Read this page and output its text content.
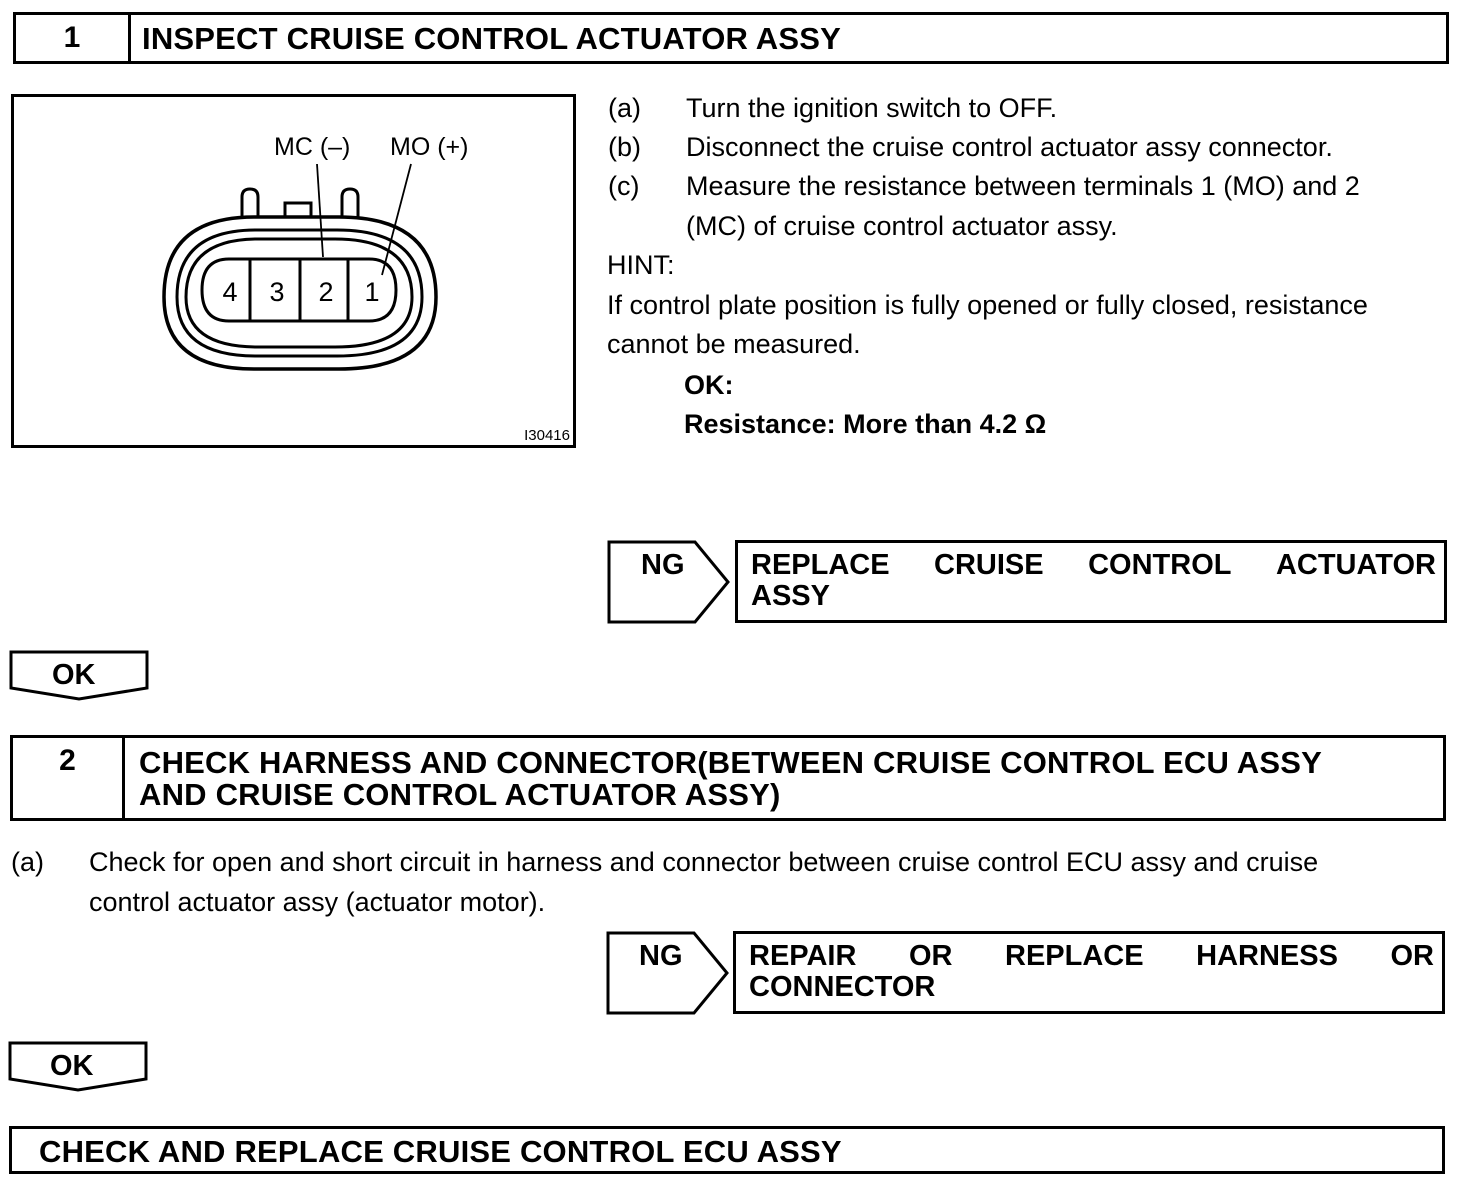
1	INSPECT CRUISE CONTROL ACTUATOR ASSY
MC (–) MO (+)
4 3 2 1
I30416
(a) Turn the ignition switch to OFF.
(b) Disconnect the cruise control actuator assy connector.
(c) Measure the resistance between terminals 1 (MO) and 2
(MC) of cruise control actuator assy.
HINT:
If control plate position is fully opened or fully closed, resistance
cannot be measured.
OK:
Resistance: More than 4.2 Ω
NG REPLACE CRUISE CONTROL ACTUATOR
ASSY
OK
2	CHECK HARNESS AND CONNECTOR(BETWEEN CRUISE CONTROL ECU ASSY
AND CRUISE CONTROL ACTUATOR ASSY)
(a) Check for open and short circuit in harness and connector between cruise control ECU assy and cruise
control actuator assy (actuator motor).
NG REPAIR OR REPLACE HARNESS OR
CONNECTOR
OK
CHECK AND REPLACE CRUISE CONTROL ECU ASSY
